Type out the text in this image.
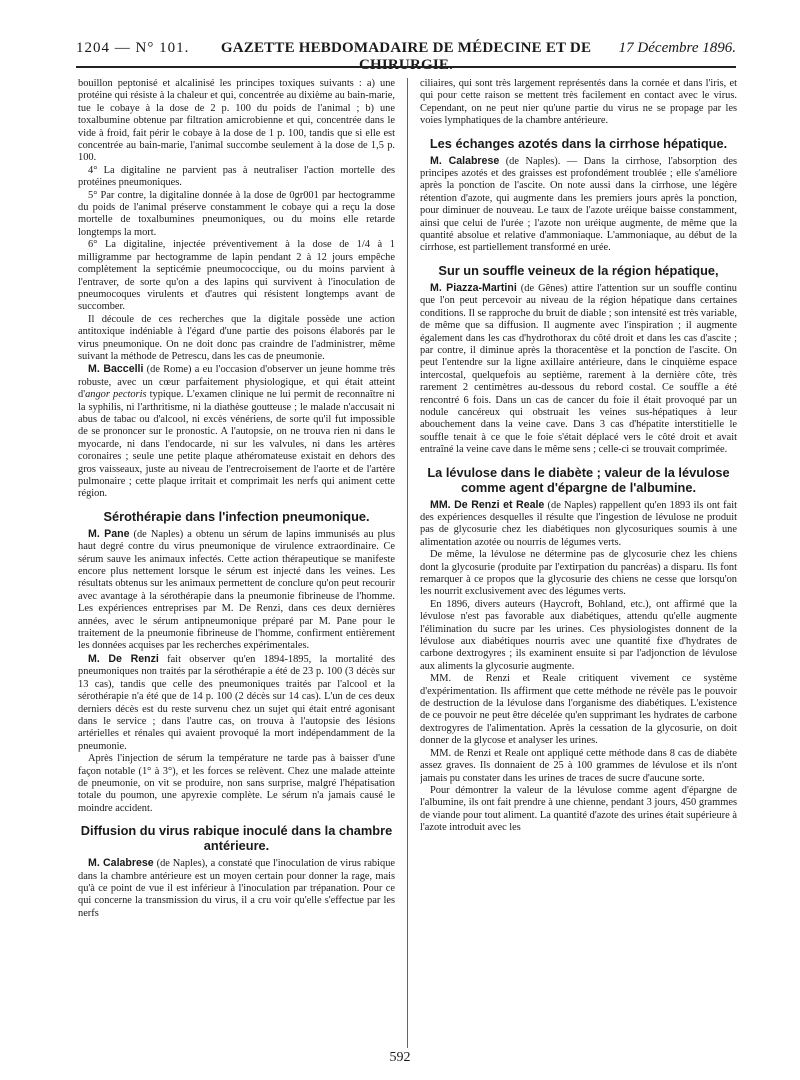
1204 — N° 101.	GAZETTE HEBDOMADAIRE DE MÉDECINE ET DE CHIRURGIE.
17 Décembre 1896.

bouillon peptonisé et alcalinisé les principes toxiques suivants : a) une protéine qui résiste à la chaleur et qui, concentrée au dixième au bain-marie, tue le cobaye à la dose de 2 p. 100 du poids de l'animal ; b) une toxalbumine obtenue par filtration amicrobienne et qui, concentrée dans le vide à froid, fait périr le cobaye à la dose de 1 p. 100, tandis que si elle est concentrée au bain-marie, l'animal succombe seulement à la dose de 1,5 p. 100.

4° La digitaline ne parvient pas à neutraliser l'action mortelle des protéines pneumoniques.

5° Par contre, la digitaline donnée à la dose de 0gr001 par hectogramme du poids de l'animal préserve constamment le cobaye qui a reçu la dose mortelle de toxalbumines pneumoniques, ou du moins elle retarde longtemps la mort.

6° La digitaline, injectée préventivement à la dose de 1/4 à 1 milligramme par hectogramme de lapin pendant 2 à 12 jours empêche complètement la septicémie pneumococcique, ou du moins parvient à l'entraver, de sorte qu'on a des lapins qui survivent à l'inoculation de pneumocoques virulents et d'autres qui résistent longtemps avant de succomber.

Il découle de ces recherches que la digitale possède une action antitoxique indéniable à l'égard d'une partie des poisons élaborés par le virus pneumonique. On ne doit donc pas craindre de l'administrer, même suivant la méthode de Petrescu, dans les cas de pneumonie.

M. Baccelli (de Rome) a eu l'occasion d'observer un jeune homme très robuste, avec un cœur parfaitement physiologique, et qui était atteint d'angor pectoris typique. L'examen clinique ne lui permit de reconnaître ni la syphilis, ni l'arthritisme, ni la diathèse goutteuse ; le malade n'accusait ni abus de tabac ou d'alcool, ni excès vénériens, de sorte qu'il fut impossible de se prononcer sur le pronostic. A l'autopsie, on ne trouva rien ni dans le myocarde, ni dans l'endocarde, ni sur les valvules, ni dans les artères coronaires ; seule une petite plaque athéromateuse existait en dehors des gros vaisseaux, juste au niveau de l'entrecroisement de l'aorte et de l'artère pulmonaire ; cette plaque irritait et comprimait les nerfs qui animent cette région.

Sérothérapie dans l'infection pneumonique.

M. Pane (de Naples) a obtenu un sérum de lapins immunisés au plus haut degré contre du virus pneumonique de virulence extraordinaire. Ce sérum sauve les animaux infectés. Cette action thérapeutique se manifeste encore plus nettement lorsque le sérum est injecté dans les veines. Les résultats obtenus sur les animaux permettent de conclure qu'on peut recourir avec avantage à la sérothérapie dans la pneumonie fibrineuse de l'homme. Les expériences entreprises par M. De Renzi, dans ces deux dernières années, avec le sérum antipneumonique préparé par M. Pane pour le traitement de la pneumonie fibrineuse de l'homme, confirment entièrement les données acquises par les recherches expérimentales.

M. De Renzi fait observer qu'en 1894-1895, la mortalité des pneumoniques non traités par la sérothérapie a été de 23 p. 100 (3 décès sur 13 cas), tandis que celle des pneumoniques traités par l'alcool et la sérothérapie n'a été que de 14 p. 100 (2 décès sur 14 cas). L'un de ces deux derniers décès est du reste survenu chez un sujet qui était entré agonisant dans le service ; dans l'autre cas, on trouva à l'autopsie des lésions artérielles et rénales qui avaient provoqué la mort indépendamment de la pneumonie.

Après l'injection de sérum la température ne tarde pas à baisser d'une façon notable (1° à 3°), et les forces se relèvent. Chez une malade atteinte de pneumonie, on vit se produire, non sans surprise, malgré l'hépatisation totale du poumon, une apyrexie complète. Le sérum n'a jamais causé le moindre accident.

Diffusion du virus rabique inoculé dans la chambre antérieure.

M. Calabrese (de Naples), a constaté que l'inoculation de virus rabique dans la chambre antérieure est un moyen certain pour donner la rage, mais qu'à ce point de vue il est inférieur à l'inoculation par trépanation. Pour ce qui concerne la transmission du virus, il a cru voir qu'elle s'effectue par les nerfs

ciliaires, qui sont très largement représentés dans la cornée et dans l'iris, et qui pour cette raison se mettent très facilement en contact avec le virus. Cependant, on ne peut nier qu'une partie du virus ne se propage par les voies lymphatiques de la chambre antérieure.

Les échanges azotés dans la cirrhose hépatique.

M. Calabrese (de Naples). — Dans la cirrhose, l'absorption des principes azotés et des graisses est profondément troublée ; elle s'améliore après la ponction de l'ascite. On note aussi dans la cirrhose, une légère rétention d'azote, qui augmente dans les premiers jours après la ponction, pour diminuer de nouveau. Le taux de l'azote uréique baisse constamment, ainsi que celui de l'urée ; l'azote non uréique augmente, de même que la quantité absolue et relative d'ammoniaque. L'ammoniaque, au début de la cirrhose, est partiellement transformé en urée.

Sur un souffle veineux de la région hépatique,

M. Piazza-Martini (de Gênes) attire l'attention sur un souffle continu que l'on peut percevoir au niveau de la région hépatique dans certaines conditions. Il se rapproche du bruit de diable ; son intensité est très variable, de même que sa diffusion. Il augmente avec l'inspiration ; il augmente également dans les cas d'hydrothorax du côté droit et dans les cas d'ascite ; par contre, il diminue après la thoracentèse et la ponction de l'ascite. On peut l'entendre sur la ligne axillaire antérieure, dans le cinquième espace intercostal, quelquefois au septième, rarement à la dernière côte, très rarement 2 centimètres au-dessous du rebord costal. Ce souffle a été rencontré 6 fois. Dans un cas de cancer du foie il était provoqué par un nodule cancéreux qui obstruait les veines sus-hépatiques à leur abouchement dans la veine cave. Dans 3 cas d'hépatite interstitielle le souffle tenait à ce que le foie s'était déplacé vers le côté droit et avait entraîné la veine cave dans le même sens ; celle-ci se trouvait comprimée.

La lévulose dans le diabète ; valeur de la lévulose comme agent d'épargne de l'albumine.

MM. De Renzi et Reale (de Naples) rappellent qu'en 1893 ils ont fait des expériences desquelles il résulte que l'ingestion de lévulose ne produit pas de glycosurie chez les diabétiques non glycosuriques soumis à une alimentation azotée ou nourris de légumes verts.

De même, la lévulose ne détermine pas de glycosurie chez les chiens dont la glycosurie (produite par l'extirpation du pancréas) a disparu. Ils font remarquer à ce propos que la glycosurie des chiens ne cesse que lorsqu'on les nourrit exclusivement avec des légumes verts.

En 1896, divers auteurs (Haycroft, Bohland, etc.), ont affirmé que la lévulose n'est pas favorable aux diabétiques, attendu qu'elle augmente l'élimination du sucre par les urines. Ces physiologistes donnent de la lévulose aux diabétiques nourris avec une quantité fixe d'hydrates de carbone dextrogyres ; ils examinent ensuite si par l'adjonction de lévulose aux aliments la glycosurie augmente.

MM. de Renzi et Reale critiquent vivement ce système d'expérimentation. Ils affirment que cette méthode ne révèle pas le pouvoir de destruction de la lévulose dans l'organisme des diabétiques. L'existence de ce pouvoir ne peut être décelée qu'en supprimant les hydrates de carbone dextrogyres de l'alimentation. Après la cessation de la glycosurie, on doit donner de la glycose et analyser les urines.

MM. de Renzi et Reale ont appliqué cette méthode dans 8 cas de diabète assez graves. Ils donnaient de 25 à 100 grammes de lévulose et ils n'ont jamais pu constater dans les urines de traces de sucre d'aucune sorte.

Pour démontrer la valeur de la lévulose comme agent d'épargne de l'albumine, ils ont fait prendre à une chienne, pendant 3 jours, 450 grammes de viande pour tout aliment. La quantité d'azote des urines était supérieure à l'azote introduit avec les

592
